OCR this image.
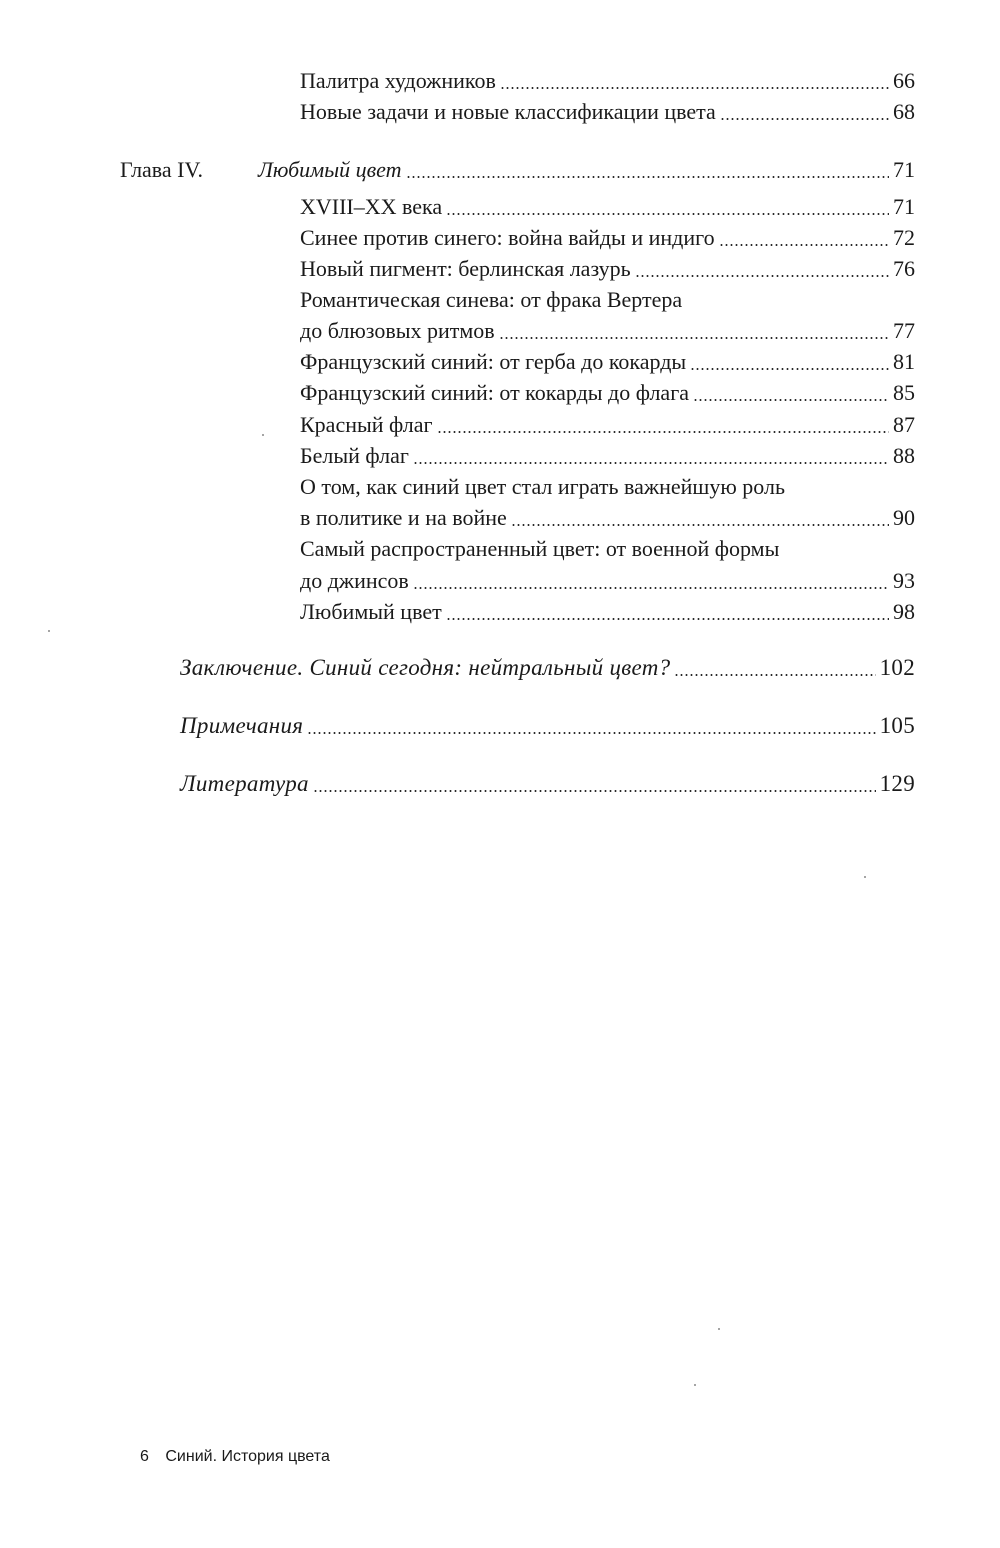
Палитра художников	66
Новые задачи и новые классификации цвета	68
Глава IV. Любимый цвет	71
XVIII–XX века	71
Синее против синего: война вайды и индиго	72
Новый пигмент: берлинская лазурь	76
Романтическая синева: от фрака Вертера
до блюзовых ритмов	77
Французский синий: от герба до кокарды	81
Французский синий: от кокарды до флага	85
Красный флаг	87
Белый флаг	88
О том, как синий цвет стал играть важнейшую роль
в политике и на войне	90
Самый распространенный цвет: от военной формы
до джинсов	93
Любимый цвет	98
Заключение. Синий сегодня: нейтральный цвет?	102
Примечания	105
Литература	129
6 Синий. История цвета
